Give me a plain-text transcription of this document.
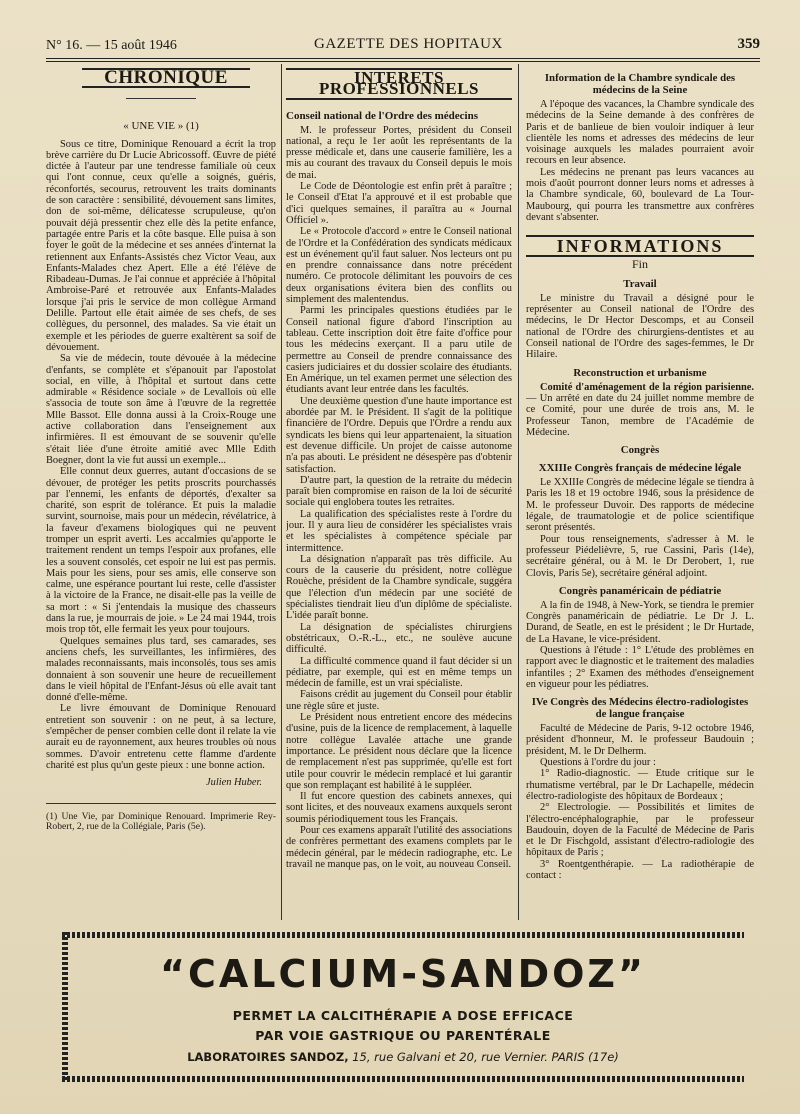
N° 16. — 15 août 1946	GAZETTE DES HOPITAUX	359
CHRONIQUE
« UNE VIE » (1)

Sous ce titre, Dominique Renouard a écrit la trop brève carrière du Dr Lucie Abricossoff. Œuvre de piété dictée à l'auteur par une tendresse familiale où ceux qui l'ont connue, ceux qu'elle a soignés, guéris, réconfortés, secourus, retrouvent les traits dominants de son caractère : sensibilité, dévouement sans limites, don de soi-même, délicatesse scrupuleuse, qu'on pouvait déjà pressentir chez elle dès la petite enfance, partagée entre Paris et la côte basque. Elle puisa à son foyer le goût de la médecine et ses années d'internat la retiennent aux Enfants-Assistés chez Victor Veau, aux Enfants-Malades chez Apert. Elle a été l'élève de Ribadeau-Dumas. Je l'ai connue et appréciée à l'hôpital Ambroise-Paré et retrouvée aux Enfants-Malades lorsque j'ai pris le service de mon collègue Armand Delille. Partout elle était aimée de ses chefs, de ses collègues, du personnel, des malades. Sa vie était un exemple et les périodes de guerre exaltèrent sa soif de dévouement.

Sa vie de médecin, toute dévouée à la médecine d'enfants, se complète et s'épanouit par l'apostolat social, en ville, à l'hôpital et surtout dans cette admirable « Résidence sociale » de Levallois où elle s'associa de toute son âme à l'œuvre de la regrettée Mlle Bassot. Elle donna aussi à la Croix-Rouge une active collaboration dans l'enseignement aux infirmières. Il est émouvant de se souvenir qu'elle s'était liée d'une étroite amitié avec Mlle Edith Boegner, dont la vie fut aussi un exemple...

Elle connut deux guerres, autant d'occasions de se dévouer, de protéger les petits proscrits pourchassés par l'ennemi, les enfants de déportés, d'exalter sa charité, son esprit de tolérance. Et puis la maladie survint, sournoise, mais pour un médecin, révélatrice, à la faveur d'examens biologiques qui ne peuvent tromper un esprit averti. Les accalmies qu'apporte le traitement rendent un temps l'espoir aux profanes, elle les a souvent consolés, cet espoir ne lui est pas permis. Mais pour les siens, pour ses amis, elle conserve son calme, une espérance pourtant lui reste, celle d'assister à la victoire de la France, ne disait-elle pas la veille de sa mort : « Si j'entendais la musique des chasseurs dans la rue, je mourrais de joie. » Le 24 mai 1944, trois mois trop tôt, elle fermait les yeux pour toujours.

Quelques semaines plus tard, ses camarades, ses anciens chefs, les surveillantes, les infirmières, des malades reconnaissants, mais inconsolés, tous ses amis donnaient à son souvenir une heure de recueillement dans le vieil hôpital de l'Enfant-Jésus où elle avait tant donné d'elle-même.

Le livre émouvant de Dominique Renouard entretient son souvenir : on ne peut, à sa lecture, s'empêcher de penser combien celle dont il relate la vie aurait eu de rayonnement, aux heures troubles où nous sommes. D'avoir entretenu cette flamme d'ardente charité est plus qu'un geste pieux : une bonne action.

Julien Huber.

(1) Une Vie, par Dominique Renouard. Imprimerie Rey-Robert, 2, rue de la Collégiale, Paris (5e).

INTERETS PROFESSIONNELS
Conseil national de l'Ordre des médecins

M. le professeur Portes, président du Conseil national, a reçu le 1er août les représentants de la presse médicale et, dans une causerie familière, les a mis au courant des travaux du Conseil depuis le mois de mai.

Le Code de Déontologie est enfin prêt à paraître ; le Conseil d'Etat l'a approuvé et il est probable que d'ici quelques semaines, il paraîtra au « Journal Officiel ».

Le « Protocole d'accord » entre le Conseil national de l'Ordre et la Confédération des syndicats médicaux est un événement qu'il faut saluer. Nos lecteurs ont pu en prendre connaissance dans notre précédent numéro. Ce protocole délimitant les pouvoirs de ces deux organisations évitera bien des conflits ou simplement des malentendus.

Parmi les principales questions étudiées par le Conseil national figure d'abord l'inscription au tableau. Cette inscription doit être faite d'office pour tous les médecins exerçant. Il a paru utile de permettre au Conseil de prendre connaissance des casiers judiciaires et du dossier scolaire des étudiants. En Amérique, un tel examen permet une sélection des étudiants avant leur entrée dans les facultés.

Une deuxième question d'une haute importance est abordée par M. le Président. Il s'agit de la politique financière de l'Ordre. Depuis que l'Ordre a rendu aux syndicats les biens qui leur appartenaient, la situation est devenue difficile. Un projet de caisse autonome n'a pas abouti. Le président ne désespère pas d'obtenir satisfaction.

D'autre part, la question de la retraite du médecin paraît bien compromise en raison de la loi de sécurité sociale qui englobera toutes les retraites.

La qualification des spécialistes reste à l'ordre du jour. Il y aura lieu de considérer les spécialistes vrais et les spécialistes à compétence spéciale par intermittence.

La désignation n'apparaît pas très difficile. Au cours de la causerie du président, notre collègue Rouèche, président de la Chambre syndicale, suggéra que l'élection d'un médecin par une société de spécialistes tiendrait lieu d'un diplôme de spécialiste. L'idée paraît bonne.

La désignation de spécialistes chirurgiens obstétricaux, O.-R.-L., etc., ne soulève aucune difficulté.

La difficulté commence quand il faut décider si un pédiatre, par exemple, qui est en même temps un médecin de famille, est un vrai spécialiste.

Faisons crédit au jugement du Conseil pour établir une règle sûre et juste.

Le Président nous entretient encore des médecins d'usine, puis de la licence de remplacement, à laquelle notre collègue Lavalée attache une grande importance. Le président nous déclare que la licence de remplacement n'est pas supprimée, qu'elle est fort utile pour couvrir le médecin remplacé et lui garantir que son remplaçant est habilité à le suppléer.

Il fut encore question des cabinets annexes, qui sont licites, et des nouveaux examens auxquels seront soumis périodiquement tous les Français.

Pour ces examens apparaît l'utilité des associations de confrères permettant des examens complets par le médecin général, par le médecin radiographe, etc. Le travail ne manque pas, on le voit, au nouveau Conseil.

Information de la Chambre syndicale des médecins de la Seine

A l'époque des vacances, la Chambre syndicale des médecins de la Seine demande à des confrères de Paris et de banlieue de bien vouloir indiquer à leur clientèle les noms et adresses des médecins de leur voisinage auxquels les malades pourraient avoir recours en leur absence.

Les médecins ne prenant pas leurs vacances au mois d'août pourront donner leurs noms et adresses à la Chambre syndicale, 60, boulevard de La Tour-Maubourg, qui pourra les transmettre aux confrères devant s'absenter.

INFORMATIONS
Fin
Travail

Le ministre du Travail a désigné pour le représenter au Conseil national de l'Ordre des médecins, le Dr Hector Descomps, et au Conseil national de l'Ordre des chirurgiens-dentistes et au Conseil national de l'Ordre des sages-femmes, le Dr Hilaire.

Reconstruction et urbanisme

Comité d'aménagement de la région parisienne. — Un arrêté en date du 24 juillet nomme membre de ce Comité, pour une durée de trois ans, M. le Professeur Tanon, membre de l'Académie de Médecine.

Congrès
XXIIIe Congrès français de médecine légale

Le XXIIIe Congrès de médecine légale se tiendra à Paris les 18 et 19 octobre 1946, sous la présidence de M. le professeur Duvoir. Des rapports de médecine légale, de traumatologie et de police scientifique seront présentés.

Pour tous renseignements, s'adresser à M. le professeur Piédelièvre, 5, rue Cassini, Paris (14e), secrétaire général, ou à M. le Dr Derobert, 1, rue Clovis, Paris 5e), secrétaire général adjoint.

Congrès panaméricain de pédiatrie

A la fin de 1948, à New-York, se tiendra le premier Congrès panaméricain de pédiatrie. Le Dr J. L. Durand, de Seatle, en est le président ; le Dr Hurtade, de La Havane, le vice-président.

Questions à l'étude : 1° L'étude des problèmes en rapport avec le diagnostic et le traitement des maladies infantiles ; 2° Examen des méthodes d'enseignement en vigueur pour les pédiatres.

IVe Congrès des Médecins électro-radiologistes de langue française

Faculté de Médecine de Paris, 9-12 octobre 1946, président d'honneur, M. le professeur Baudouin ; président, M. le Dr Delherm.

Questions à l'ordre du jour :

1° Radio-diagnostic. — Etude critique sur le rhumatisme vertébral, par le Dr Lachapelle, médecin électro-radiologiste des hôpitaux de Bordeaux ;

2° Electrologie. — Possibilités et limites de l'électro-encéphalographie, par le professeur Baudouin, doyen de la Faculté de Médecine de Paris et le Dr Fischgold, assistant d'électro-radiologie des hôpitaux de Paris ;

3° Roentgenthérapie. — La radiothérapie de contact :

“CALCIUM-SANDOZ”
PERMET LA CALCITHÉRAPIE A DOSE EFFICACE
PAR VOIE GASTRIQUE OU PARENTÉRALE
LABORATOIRES SANDOZ, 15, rue Galvani et 20, rue Vernier. PARIS (17e)
